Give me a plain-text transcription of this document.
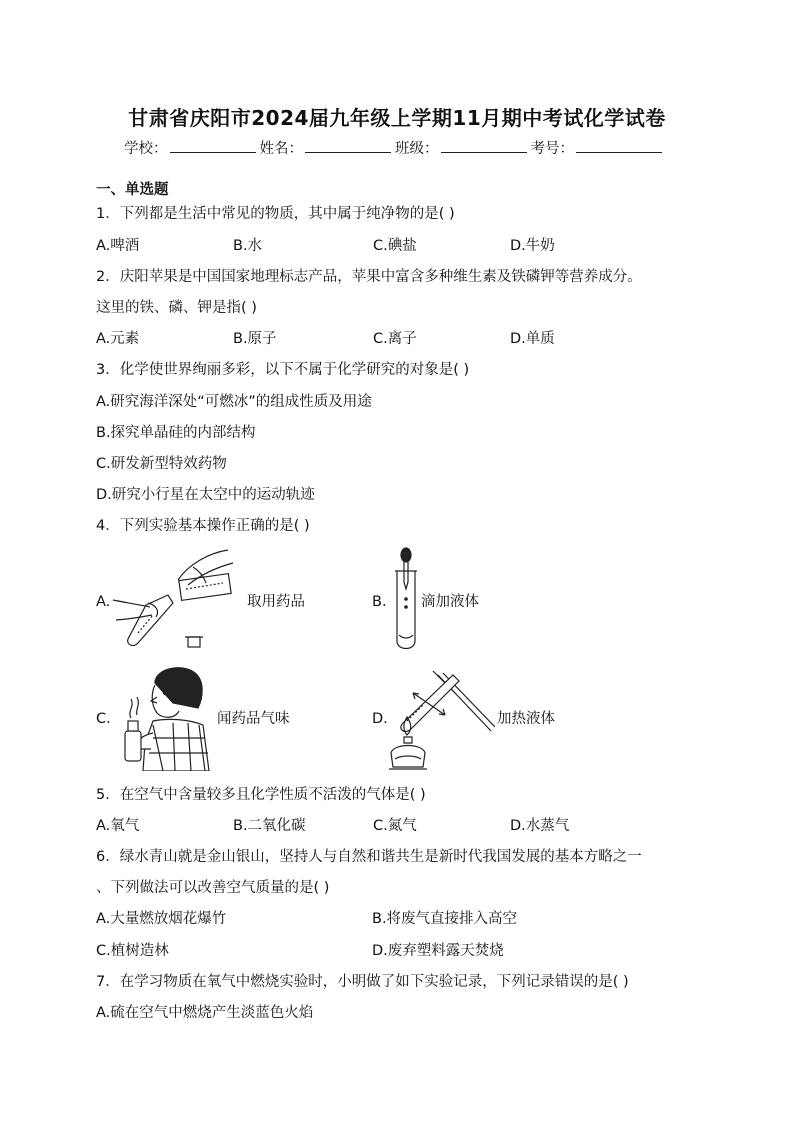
甘肃省庆阳市2024届九年级上学期11月期中考试化学试卷
学校：	姓名：	班级：	考号：
一、单选题
1．下列都是生活中常见的物质，其中属于纯净物的是( )
A.啤酒	B.水	C.碘盐	D.牛奶
2．庆阳苹果是中国国家地理标志产品，苹果中富含多种维生素及铁磷钾等营养成分。
这里的铁、磷、钾是指( )
A.元素	B.原子	C.离子	D.单质
3．化学使世界绚丽多彩，以下不属于化学研究的对象是( )
A.研究海洋深处“可燃冰”的组成性质及用途
B.探究单晶硅的内部结构
C.研发新型特效药物
D.研究小行星在太空中的运动轨迹
4．下列实验基本操作正确的是( )
A.	取用药品	B. 滴加液体
C.	闻药品气味	D.	加热液体
5．在空气中含量较多且化学性质不活泼的气体是( )
A.氧气	B.二氧化碳	C.氮气	D.水蒸气
6．绿水青山就是金山银山，坚持人与自然和谐共生是新时代我国发展的基本方略之一
、下列做法可以改善空气质量的是( )
A.大量燃放烟花爆竹	B.将废气直接排入高空
C.植树造林	D.废弃塑料露天焚烧
7．在学习物质在氧气中燃烧实验时，小明做了如下实验记录，下列记录错误的是( )
A.硫在空气中燃烧产生淡蓝色火焰
